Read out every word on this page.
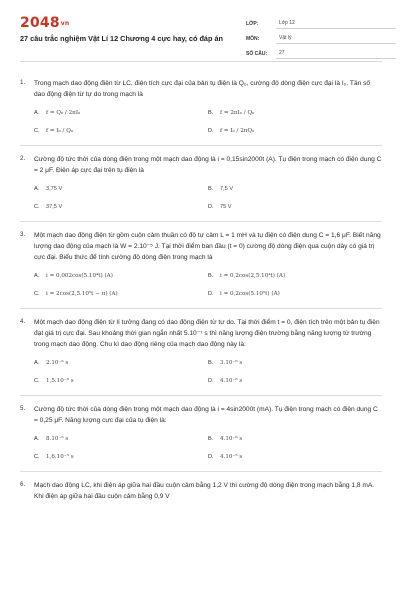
2048vn
27 câu trắc nghiệm Vật Lí 12 Chương 4 cực hay, có đáp án
LỚP:	Lớp 12
MÔN:	Vật lý
SỐ CÂU:	27
1.	Trong mạch dao động điện từ LC, điện tích cực đại của bản tụ điện là Q₀, cường độ dòng điện cực đại là I₀. Tần số dao động điện từ tự do trong mạch là
A.	f = Q₀ / 2πI₀	B.	f = 2πI₀ / Q₀
C.	f = I₀ / Q₀	D.	f = I₀ / 2πQ₀
2.	Cường độ tức thời của dòng điện trong một mạch dao động là i = 0,15sin2000t (A). Tụ điện trong mạch có điện dung C = 2 μF. Điện áp cực đại trên tụ điện là
A.	3,75 V	B.	7,5 V
C.	37,5 V	D.	75 V
3.	Một mạch dao động điện từ gồm cuộn cảm thuần có độ tự cảm L = 1 mH và tụ điện có điện dung C = 1,6 μF. Biết năng lượng dao động của mạch là W = 2.10⁻⁵ J. Tại thời điểm ban đầu (t = 0) cường độ dòng điện qua cuộn dây có giá trị cực đại. Biểu thức để tính cường độ dòng điện trong mạch là
A.	i = 0,002cos(5.10⁴t) (A)	B.	i = 0,2cos(2,5.10⁴t) (A)
C.	i = 2cos(2,5.10⁵t − π) (A)	D.	i = 0,2cos(5.10⁵t) (A)
4.	Một mạch dao động điện từ lí tưởng đang có dao động điện từ tự do. Tại thời điểm t = 0, điện tích trên một bản tụ điện đạt giá trị cực đại. Sau khoảng thời gian ngắn nhất 5.10⁻⁷ s thì năng lượng điện trường bằng năng lượng từ trường trong mạch dao động. Chu kì dao động riêng của mạch dao động này là:
A.	2.10⁻⁶ s	B.	3.10⁻⁶ s
C.	1,5.10⁻⁶ s	D.	4.10⁻⁶ s
5.	Cường độ tức thời của dòng điện trong một mạch dao động là i = 4sin2000t (mA). Tụ điện trong mạch có điện dung C = 0,25 μF. Năng lượng cực đại của tụ điện là:
A.	8.10⁻⁶ s	B.	4.10⁻⁶ s
C.	1,6.10⁻⁵ s	D.	4.10⁻⁵ s
6.	Mạch dao động LC, khi điện áp giữa hai đầu cuộn cảm bằng 1,2 V thì cường độ dòng điện trong mạch bằng 1,8 mA. Khi điện áp giữa hai đầu cuộn cảm bằng 0,9 V
